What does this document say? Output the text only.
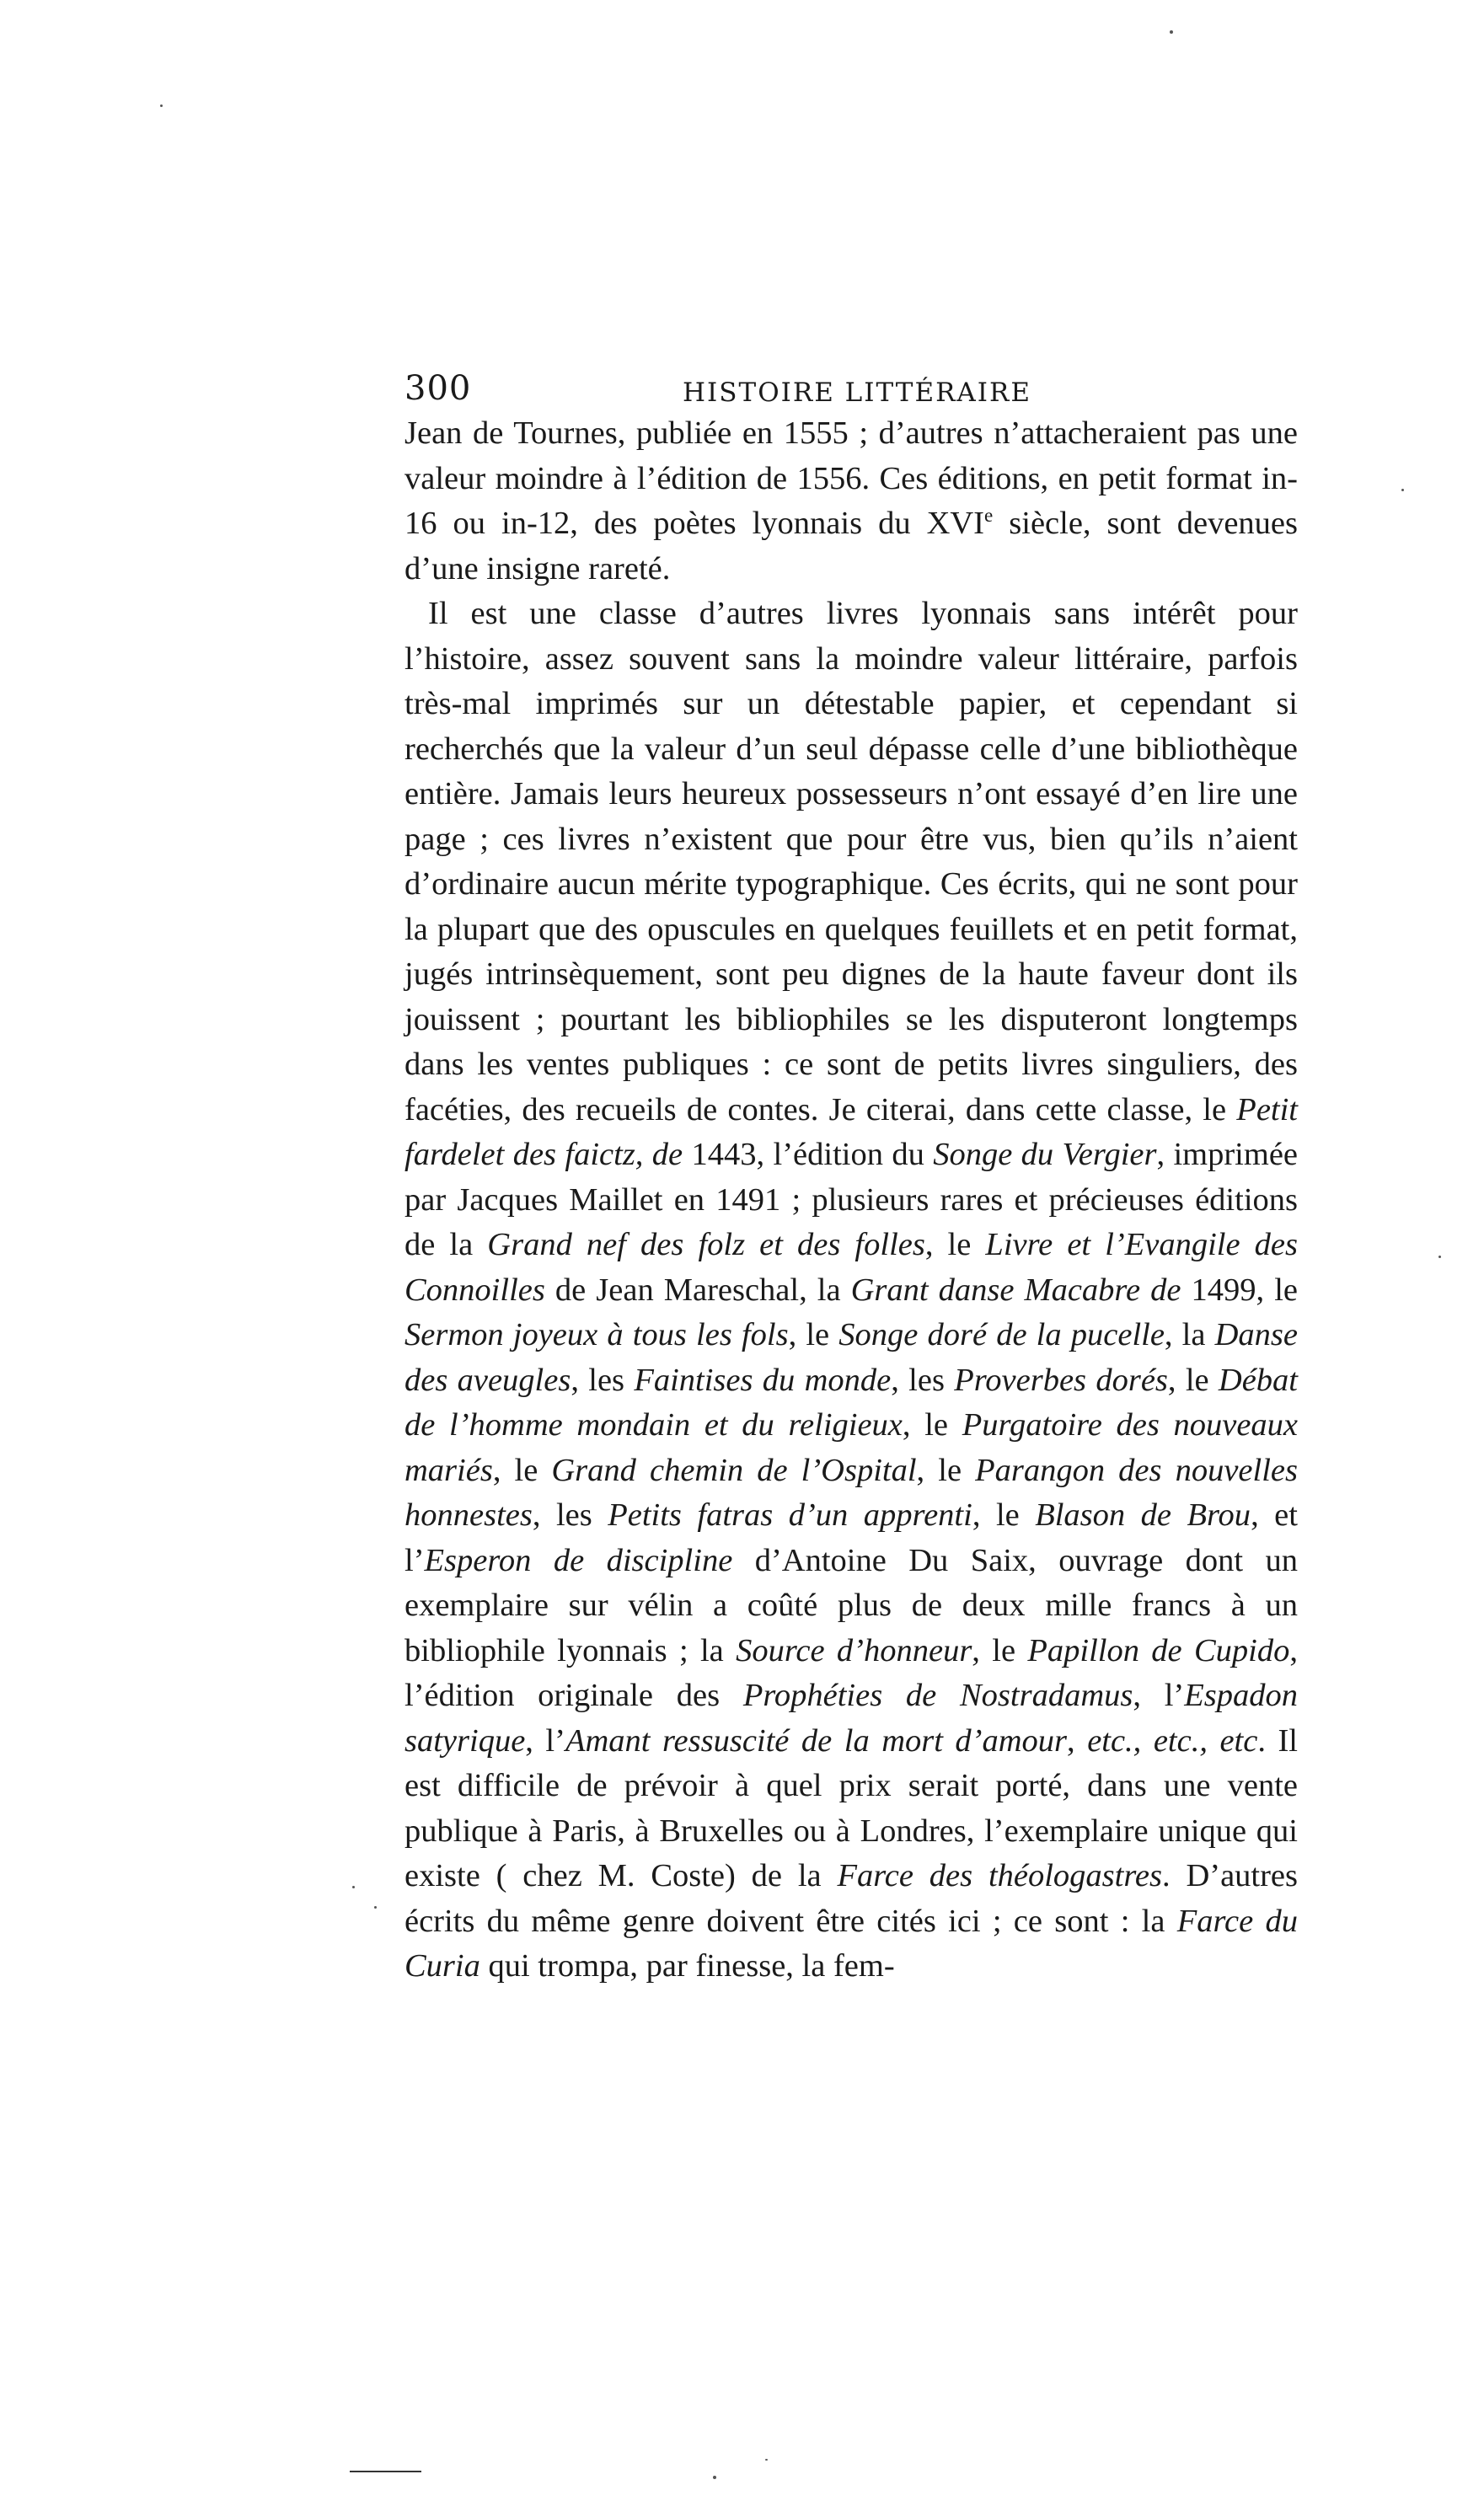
300	HISTOIRE LITTÉRAIRE

Jean de Tournes, publiée en 1555 ; d’autres n’attacheraient pas une valeur moindre à l’édition de 1556. Ces éditions, en petit format in-16 ou in-12, des poètes lyonnais du XVIe siècle, sont devenues d’une insigne rareté.

Il est une classe d’autres livres lyonnais sans intérêt pour l’histoire, assez souvent sans la moindre valeur littéraire, parfois très-mal imprimés sur un détestable papier, et cependant si recherchés que la valeur d’un seul dépasse celle d’une bibliothèque entière. Jamais leurs heureux possesseurs n’ont essayé d’en lire une page ; ces livres n’existent que pour être vus, bien qu’ils n’aient d’ordinaire aucun mérite typographique. Ces écrits, qui ne sont pour la plupart que des opuscules en quelques feuillets et en petit format, jugés intrinsèquement, sont peu dignes de la haute faveur dont ils jouissent ; pourtant les bibliophiles se les disputeront longtemps dans les ventes publiques : ce sont de petits livres singuliers, des facéties, des recueils de contes. Je citerai, dans cette classe, le Petit fardelet des faictz, de 1443, l’édition du Songe du Vergier, imprimée par Jacques Maillet en 1491 ; plusieurs rares et précieuses éditions de la Grand nef des folz et des folles, le Livre et l’Evangile des Connoilles de Jean Mareschal, la Grant danse Macabre de 1499, le Sermon joyeux à tous les fols, le Songe doré de la pucelle, la Danse des aveugles, les Faintises du monde, les Proverbes dorés, le Débat de l’homme mondain et du religieux, le Purgatoire des nouveaux mariés, le Grand chemin de l’Ospital, le Parangon des nouvelles honnestes, les Petits fatras d’un apprenti, le Blason de Brou, et l’Esperon de discipline d’Antoine Du Saix, ouvrage dont un exemplaire sur vélin a coûté plus de deux mille francs à un bibliophile lyonnais ; la Source d’honneur, le Papillon de Cupido, l’édition originale des Prophéties de Nostradamus, l’Espadon satyrique, l’Amant ressuscité de la mort d’amour, etc., etc., etc. Il est difficile de prévoir à quel prix serait porté, dans une vente publique à Paris, à Bruxelles ou à Londres, l’exemplaire unique qui existe ( chez M. Coste) de la Farce des théologastres. D’autres écrits du même genre doivent être cités ici ; ce sont : la Farce du Curia qui trompa, par finesse, la fem-
